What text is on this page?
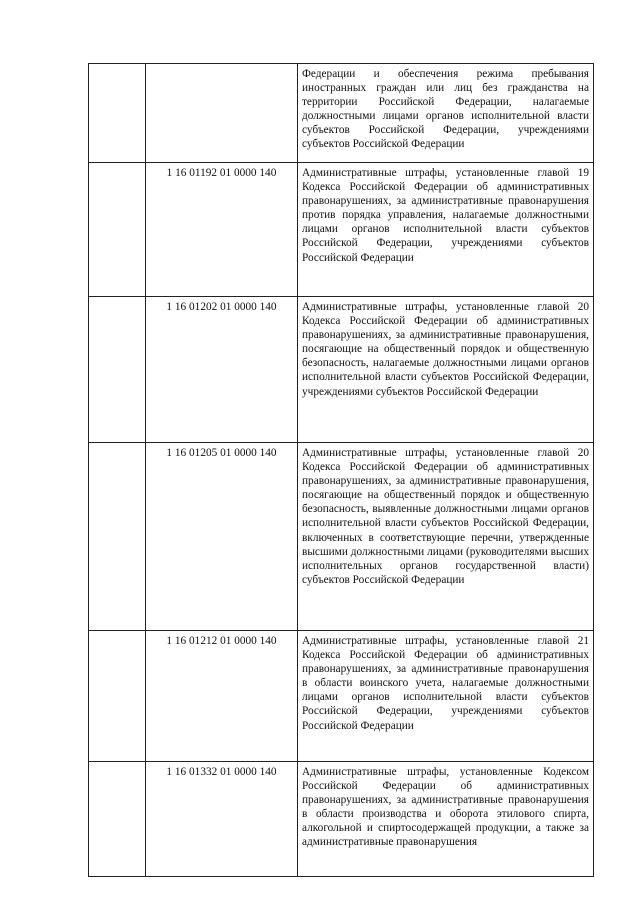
		Федерации и обеспечения режима пребывания иностранных граждан или лиц без гражданства на территории Российской Федерации, налагаемые должностными лицами органов исполнительной власти субъектов Российской Федерации, учреждениями субъектов Российской Федерации
	1 16 01192 01 0000 140	Административные штрафы, установленные главой 19 Кодекса Российской Федерации об административных правонарушениях, за административные правонарушения против порядка управления, налагаемые должностными лицами органов исполнительной власти субъектов Российской Федерации, учреждениями субъектов Российской Федерации
	1 16 01202 01 0000 140	Административные штрафы, установленные главой 20 Кодекса Российской Федерации об административных правонарушениях, за административные правонарушения, посягающие на общественный порядок и общественную безопасность, налагаемые должностными лицами органов исполнительной власти субъектов Российской Федерации, учреждениями субъектов Российской Федерации
	1 16 01205 01 0000 140	Административные штрафы, установленные главой 20 Кодекса Российской Федерации об административных правонарушениях, за административные правонарушения, посягающие на общественный порядок и общественную безопасность, выявленные должностными лицами органов исполнительной власти субъектов Российской Федерации, включенных в соответствующие перечни, утвержденные высшими должностными лицами (руководителями высших исполнительных органов государственной власти) субъектов Российской Федерации
	1 16 01212 01 0000 140	Административные штрафы, установленные главой 21 Кодекса Российской Федерации об административных правонарушениях, за административные правонарушения в области воинского учета, налагаемые должностными лицами органов исполнительной власти субъектов Российской Федерации, учреждениями субъектов Российской Федерации
	1 16 01332 01 0000 140	Административные штрафы, установленные Кодексом Российской Федерации об административных правонарушениях, за административные правонарушения в области производства и оборота этилового спирта, алкогольной и спиртосодержащей продукции, а также за административные правонарушения
